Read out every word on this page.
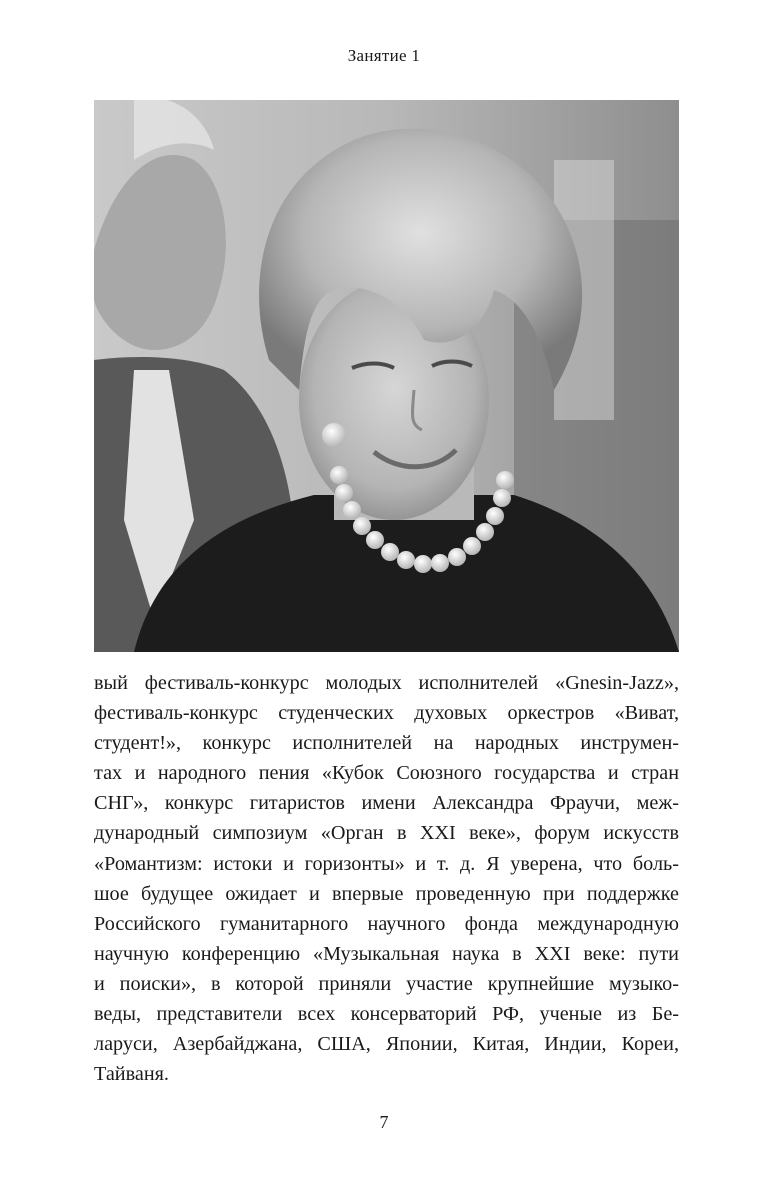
Занятие 1
вый фестиваль-конкурс молодых исполнителей «Gnesin-Jazz»,
фестиваль-конкурс студенческих духовых оркестров «Виват,
студент!», конкурс исполнителей на народных инструмен-
тах и народного пения «Кубок Союзного государства и стран
СНГ», конкурс гитаристов имени Александра Фраучи, меж-
дународный симпозиум «Орган в XXI веке», форум искусств
«Романтизм: истоки и горизонты» и т. д. Я уверена, что боль-
шое будущее ожидает и впервые проведенную при поддержке
Российского гуманитарного научного фонда международную
научную конференцию «Музыкальная наука в XXI веке: пути
и поиски», в которой приняли участие крупнейшие музыко-
веды, представители всех консерваторий РФ, ученые из Бе-
ларуси, Азербайджана, США, Японии, Китая, Индии, Кореи,
Тайваня.
7
